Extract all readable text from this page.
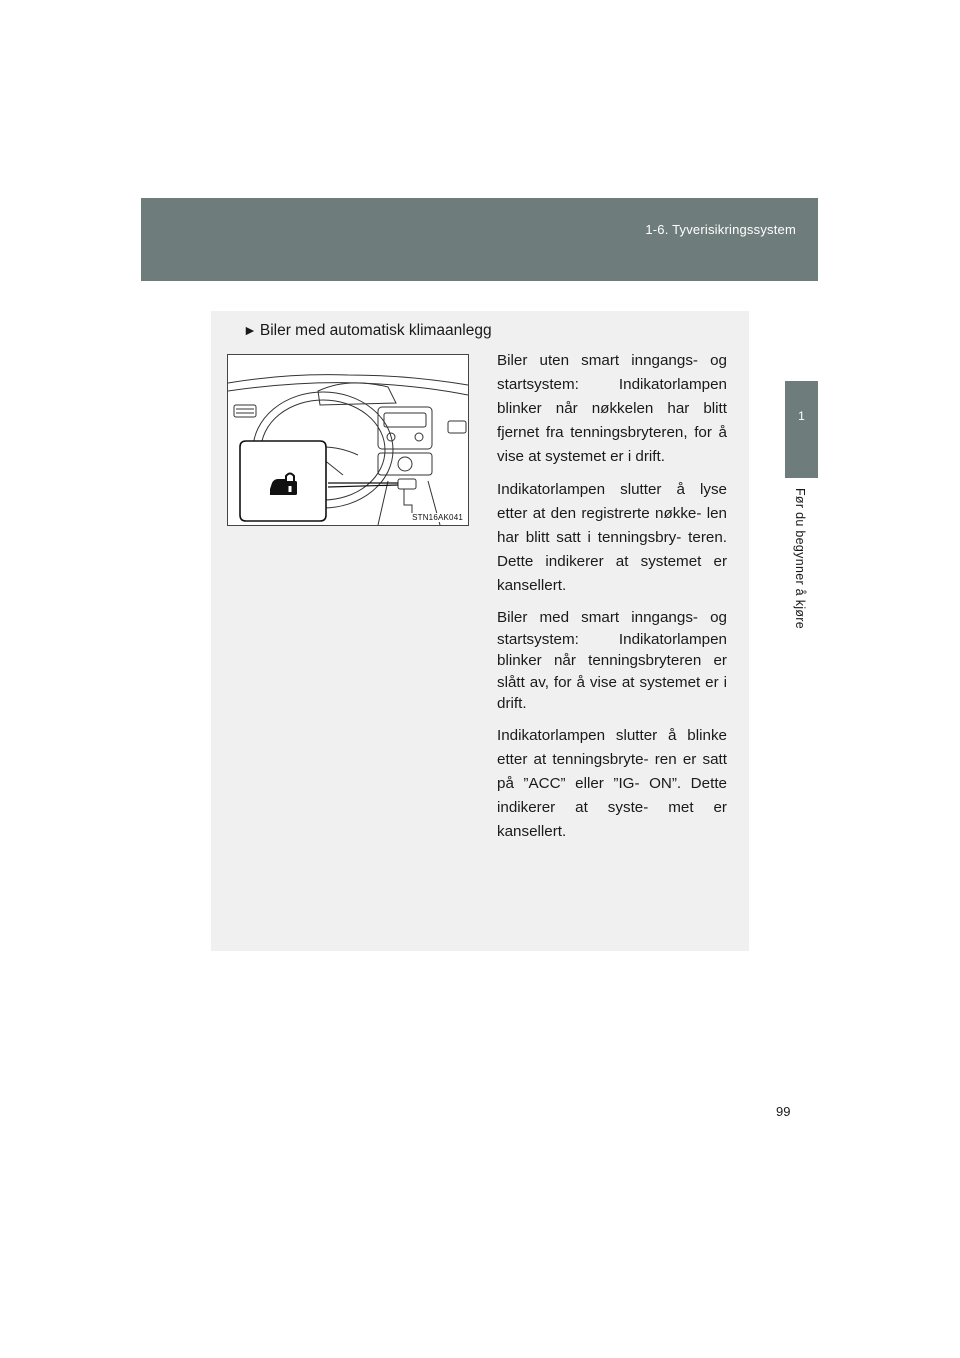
1-6. Tyverisikringssystem
1
Før du begynner å kjøre
► Biler med automatisk klimaanlegg
STN16AK041

Biler uten smart inngangs- og startsystem: Indikatorlampen blinker når nøkkelen har blitt fjernet fra tenningsbryteren, for å vise at systemet er i drift.

Indikatorlampen slutter å lyse etter at den registrerte nøkke- len har blitt satt i tenningsbry- teren. Dette indikerer at systemet er kansellert.

Biler med smart inngangs- og startsystem: Indikatorlampen blinker når tenningsbryteren er slått av, for å vise at systemet er i drift.

Indikatorlampen slutter å blinke etter at tenningsbryte- ren er satt på ”ACC” eller ”IG- ON”. Dette indikerer at syste- met er kansellert.

99
